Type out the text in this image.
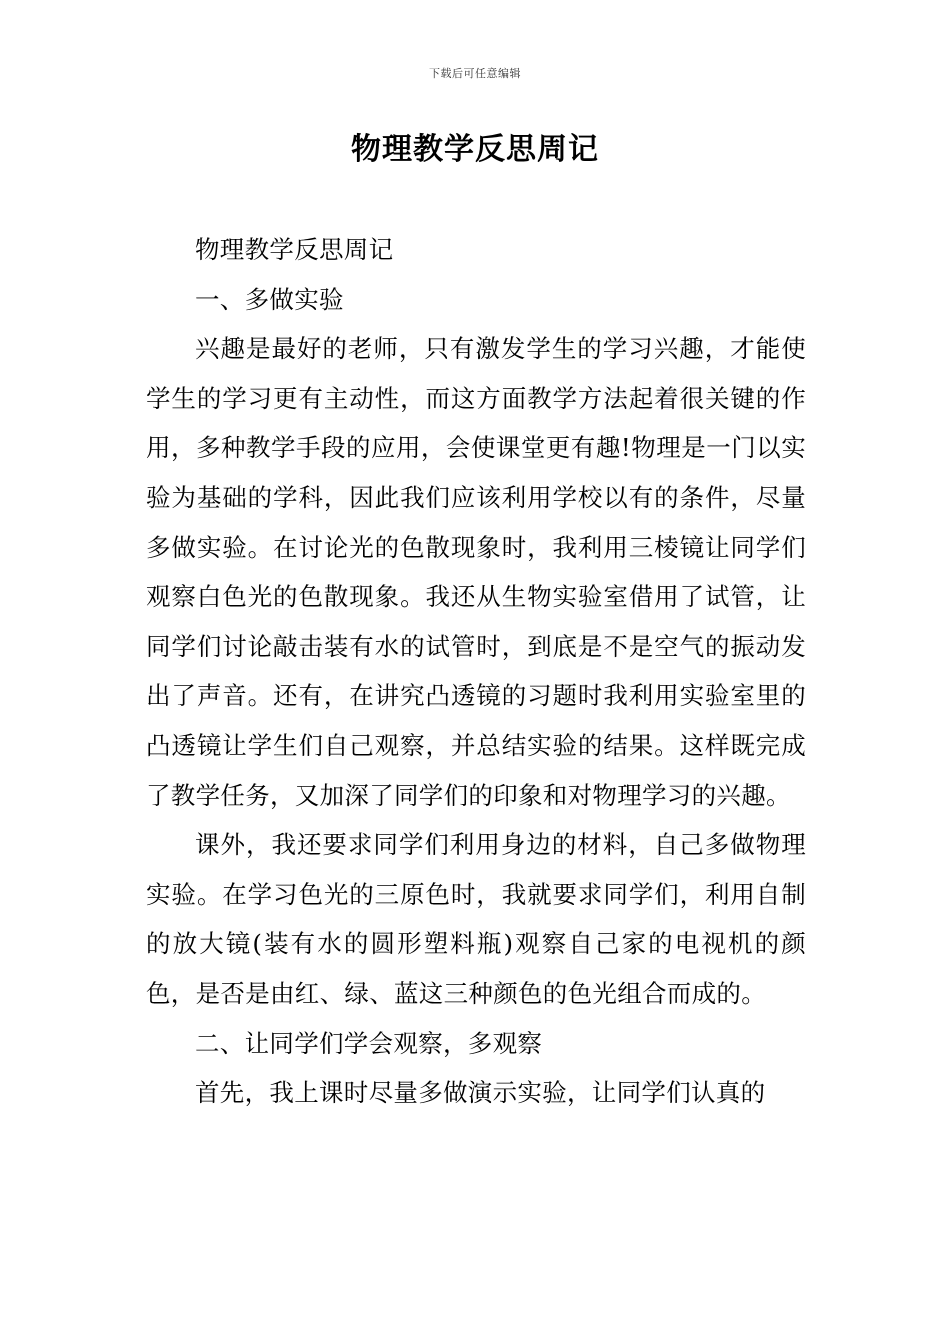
下载后可任意编辑
物理教学反思周记

物理教学反思周记

一、多做实验

兴趣是最好的老师，只有激发学生的学习兴趣，才能使学生的学习更有主动性，而这方面教学方法起着很关键的作用，多种教学手段的应用，会使课堂更有趣!物理是一门以实验为基础的学科，因此我们应该利用学校以有的条件，尽量多做实验。在讨论光的色散现象时，我利用三棱镜让同学们观察白色光的色散现象。我还从生物实验室借用了试管，让同学们讨论敲击装有水的试管时，到底是不是空气的振动发出了声音。还有，在讲究凸透镜的习题时我利用实验室里的凸透镜让学生们自己观察，并总结实验的结果。这样既完成了教学任务，又加深了同学们的印象和对物理学习的兴趣。

课外，我还要求同学们利用身边的材料，自己多做物理实验。在学习色光的三原色时，我就要求同学们，利用自制的放大镜(装有水的圆形塑料瓶)观察自己家的电视机的颜色，是否是由红、绿、蓝这三种颜色的色光组合而成的。

二、让同学们学会观察，多观察

首先，我上课时尽量多做演示实验，让同学们认真的
